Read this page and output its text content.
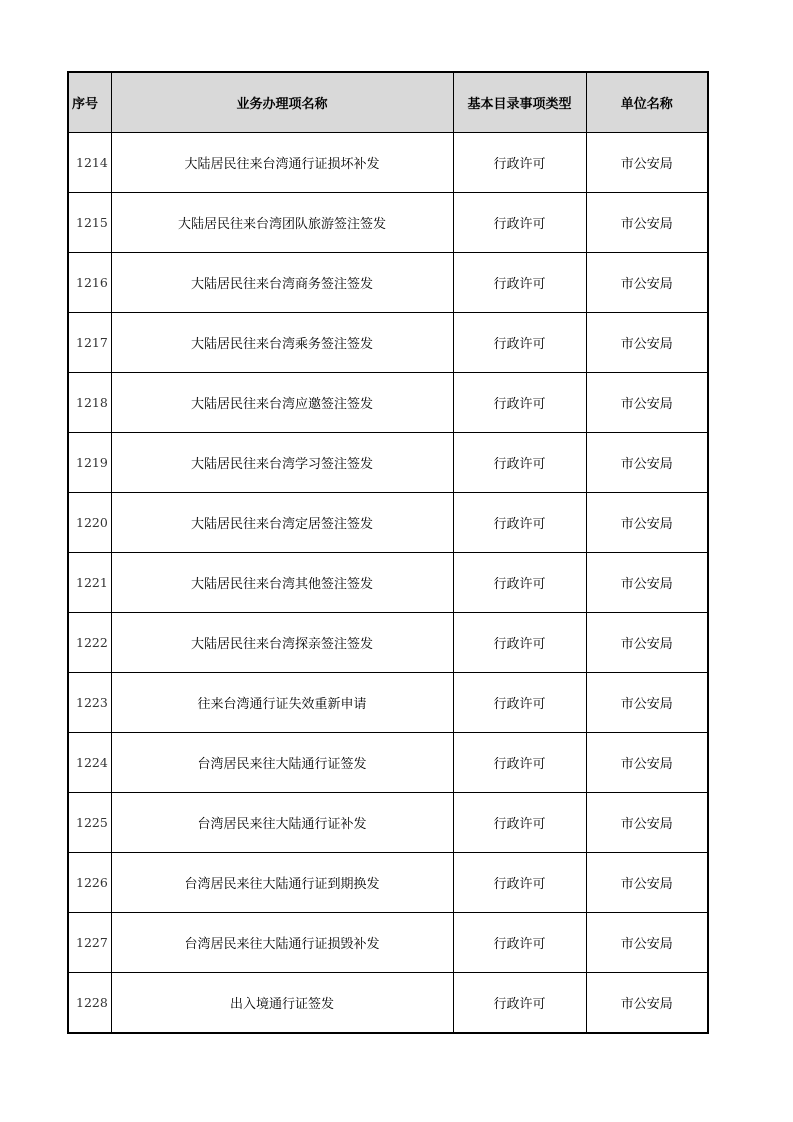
序号	业务办理项名称	基本目录事项类型	单位名称
1214	大陆居民往来台湾通行证损坏补发	行政许可	市公安局
1215	大陆居民往来台湾团队旅游签注签发	行政许可	市公安局
1216	大陆居民往来台湾商务签注签发	行政许可	市公安局
1217	大陆居民往来台湾乘务签注签发	行政许可	市公安局
1218	大陆居民往来台湾应邀签注签发	行政许可	市公安局
1219	大陆居民往来台湾学习签注签发	行政许可	市公安局
1220	大陆居民往来台湾定居签注签发	行政许可	市公安局
1221	大陆居民往来台湾其他签注签发	行政许可	市公安局
1222	大陆居民往来台湾探亲签注签发	行政许可	市公安局
1223	往来台湾通行证失效重新申请	行政许可	市公安局
1224	台湾居民来往大陆通行证签发	行政许可	市公安局
1225	台湾居民来往大陆通行证补发	行政许可	市公安局
1226	台湾居民来往大陆通行证到期换发	行政许可	市公安局
1227	台湾居民来往大陆通行证损毁补发	行政许可	市公安局
1228	出入境通行证签发	行政许可	市公安局
